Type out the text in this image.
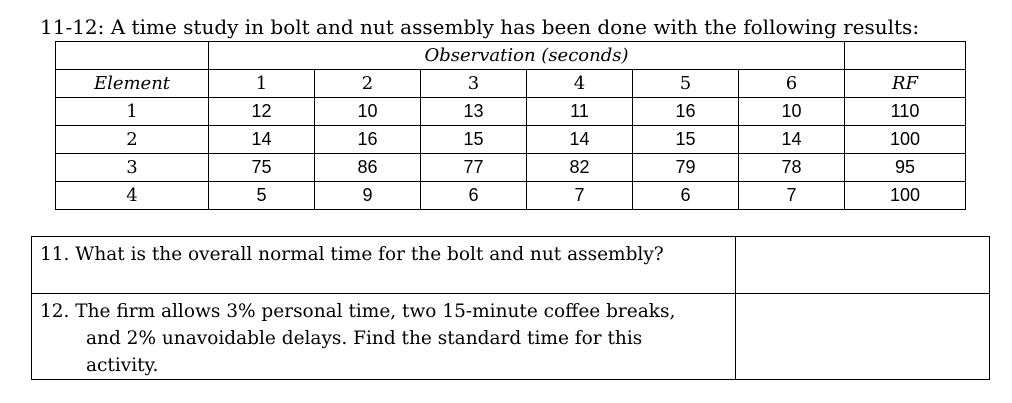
11-12: A time study in bolt and nut assembly has been done with the following results:
	Observation (seconds)						
Element	1	2	3	4	5	6	RF
1	12	10	13	11	16	10	110
2	14	16	15	14	15	14	100
3	75	86	77	82	79	78	95
4	5	9	6	7	6	7	100
11. What is the overall normal time for the bolt and nut assembly?	

12. The firm allows 3% personal time, two 15-minute coffee breaks,
and 2% unavoidable delays. Find the standard time for this
activity.	
